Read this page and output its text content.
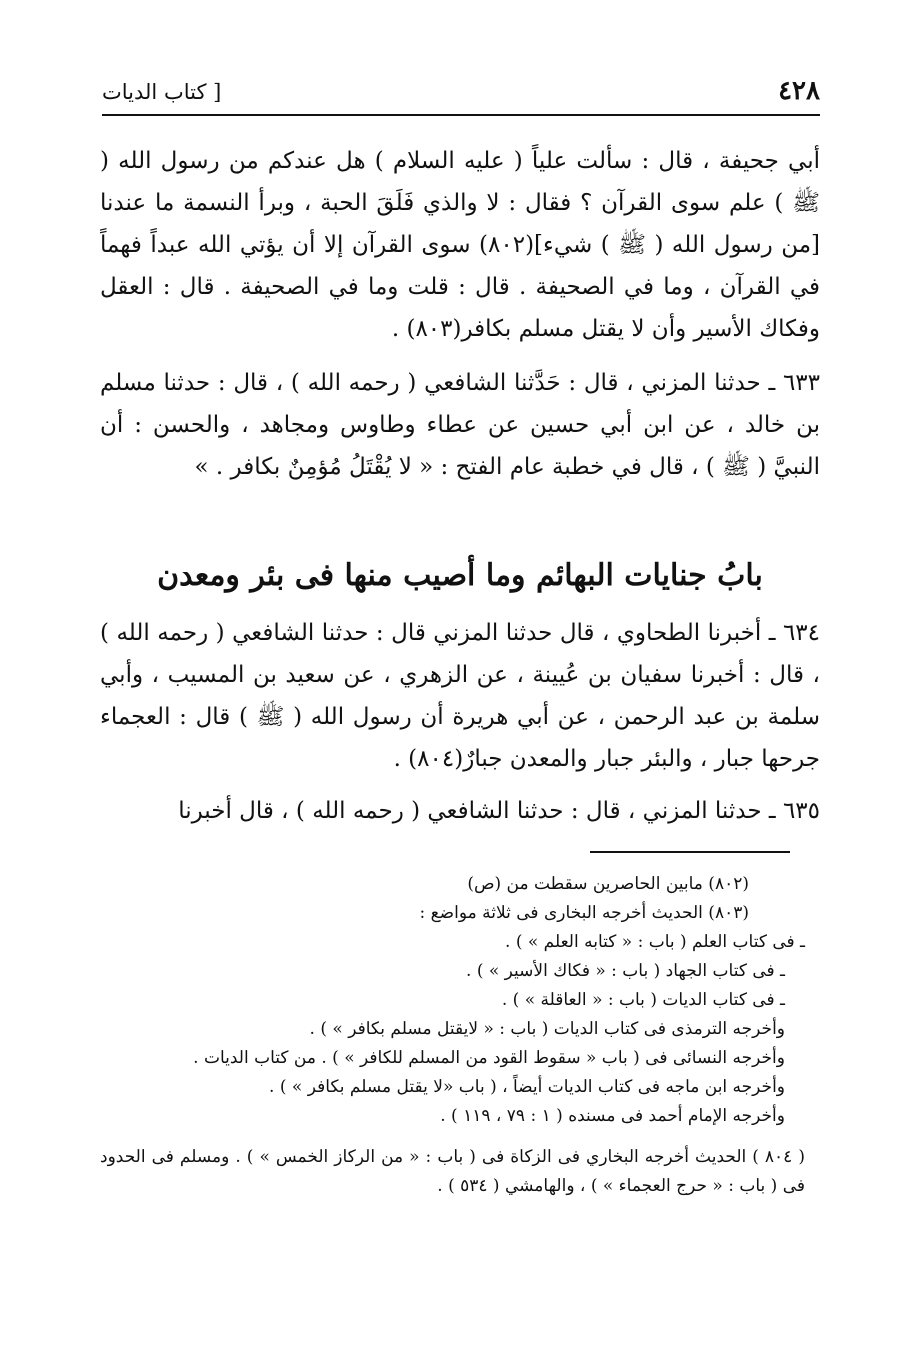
٤٢٨
[ كتاب الديات
أبي جحيفة ، قال : سألت علياً ( عليه السلام ) هل عندكم من رسول الله ( ﷺ ) علم سوى القرآن ؟ فقال : لا والذي فَلَقَ الحبة ، وبرأ النسمة ما عندنا [من رسول الله ( ﷺ ) شيء](٨٠٢) سوى القرآن إلا أن يؤتي الله عبداً فهماً في القرآن ، وما في الصحيفة . قال : قلت وما في الصحيفة . قال : العقل وفكاك الأسير وأن لا يقتل مسلم بكافر(٨٠٣) .
٦٣٣ ـ حدثنا المزني ، قال : حَدَّثنا الشافعي ( رحمه الله ) ، قال : حدثنا مسلم بن خالد ، عن ابن أبي حسين عن عطاء وطاوس ومجاهد ، والحسن : أن النبيَّ ( ﷺ ) ، قال في خطبة عام الفتح : « لا يُقْتَلُ مُؤمِنٌ بكافر . »
بابُ جنايات البهائم وما أصيب منها فى بئر ومعدن
٦٣٤ ـ أخبرنا الطحاوي ، قال حدثنا المزني قال : حدثنا الشافعي ( رحمه الله ) ، قال : أخبرنا سفيان بن عُيينة ، عن الزهري ، عن سعيد بن المسيب ، وأبي سلمة بن عبد الرحمن ، عن أبي هريرة أن رسول الله ( ﷺ ) قال : العجماء جرحها جبار ، والبئر جبار والمعدن جبارٌ(٨٠٤) .
٦٣٥ ـ حدثنا المزني ، قال : حدثنا الشافعي ( رحمه الله ) ، قال أخبرنا

(٨٠٢) مابين الحاصرين سقطت من (ص)

(٨٠٣) الحديث أخرجه البخارى فى ثلاثة مواضع :

ـ فى كتاب العلم ( باب : « كتابه العلم » ) .

ـ فى كتاب الجهاد ( باب : « فكاك الأسير » ) .

ـ فى كتاب الديات ( باب : « العاقلة » ) .

وأخرجه الترمذى فى كتاب الديات ( باب : « لايقتل مسلم بكافر » ) .

وأخرجه النسائى فى ( باب « سقوط القود من المسلم للكافر » ) . من كتاب الديات .

وأخرجه ابن ماجه فى كتاب الديات أيضاً ، ( باب «لا يقتل مسلم بكافر » ) .

وأخرجه الإمام أحمد فى مسنده ( ١ : ٧٩ ، ١١٩ ) .

( ٨٠٤ ) الحديث أخرجه البخاري فى الزكاة فى ( باب : « من الركاز الخمس » ) . ومسلم فى الحدود فى ( باب : « حرج العجماء » ) ، والهامشي ( ٥٣٤ ) .
